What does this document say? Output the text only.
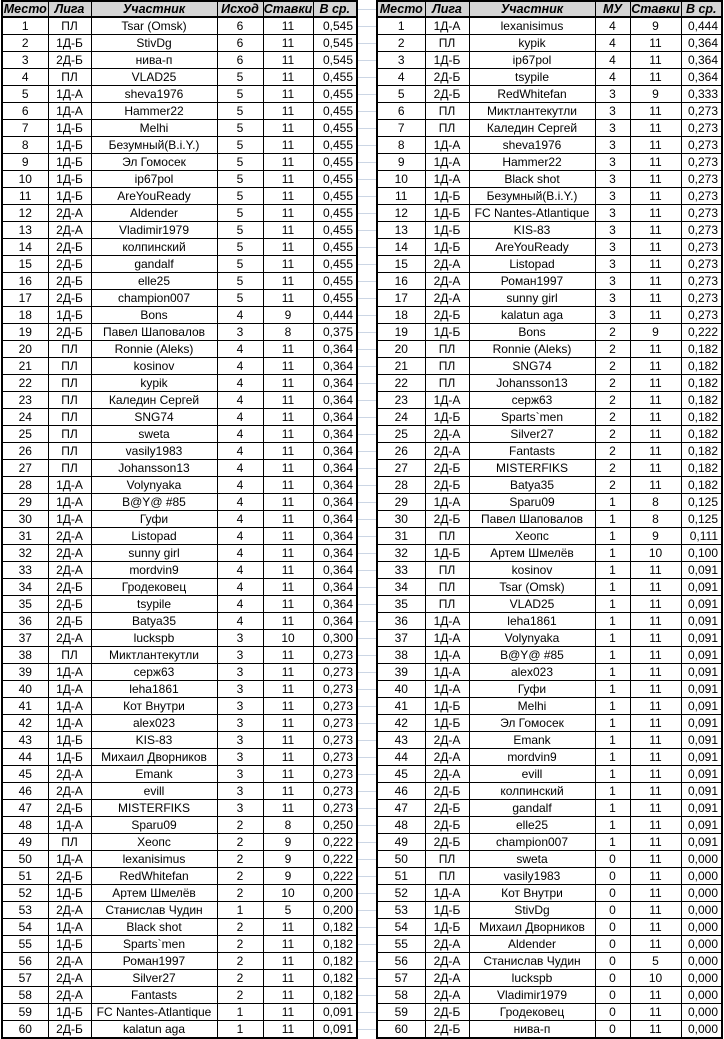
Место	Лига	Участник	Исход	Ставки	В ср.
1	ПЛ	Tsar (Omsk)	6	11	0,545
2	1Д-Б	StivDg	6	11	0,545
3	2Д-Б	нива-п	6	11	0,545
4	ПЛ	VLAD25	5	11	0,455
5	1Д-А	sheva1976	5	11	0,455
6	1Д-А	Hammer22	5	11	0,455
7	1Д-Б	Melhi	5	11	0,455
8	1Д-Б	Безумный(B.i.Y.)	5	11	0,455
9	1Д-Б	Эл Гомосек	5	11	0,455
10	1Д-Б	ip67pol	5	11	0,455
11	1Д-Б	AreYouReady	5	11	0,455
12	2Д-А	Aldender	5	11	0,455
13	2Д-А	Vladimir1979	5	11	0,455
14	2Д-Б	колпинский	5	11	0,455
15	2Д-Б	gandalf	5	11	0,455
16	2Д-Б	elle25	5	11	0,455
17	2Д-Б	champion007	5	11	0,455
18	1Д-Б	Bons	4	9	0,444
19	2Д-Б	Павел Шаповалов	3	8	0,375
20	ПЛ	Ronnie (Aleks)	4	11	0,364
21	ПЛ	kosinov	4	11	0,364
22	ПЛ	kypik	4	11	0,364
23	ПЛ	Каледин Сергей	4	11	0,364
24	ПЛ	SNG74	4	11	0,364
25	ПЛ	sweta	4	11	0,364
26	ПЛ	vasily1983	4	11	0,364
27	ПЛ	Johansson13	4	11	0,364
28	1Д-А	Volynyaka	4	11	0,364
29	1Д-А	B@Y@ #85	4	11	0,364
30	1Д-А	Гуфи	4	11	0,364
31	2Д-А	Listopad	4	11	0,364
32	2Д-А	sunny girl	4	11	0,364
33	2Д-А	mordvin9	4	11	0,364
34	2Д-Б	Гродековец	4	11	0,364
35	2Д-Б	tsypile	4	11	0,364
36	2Д-Б	Batya35	4	11	0,364
37	2Д-А	luckspb	3	10	0,300
38	ПЛ	Миктлантекутли	3	11	0,273
39	1Д-А	серж63	3	11	0,273
40	1Д-А	leha1861	3	11	0,273
41	1Д-А	Кот Внутри	3	11	0,273
42	1Д-А	alex023	3	11	0,273
43	1Д-Б	KIS-83	3	11	0,273
44	1Д-Б	Михаил Дворников	3	11	0,273
45	2Д-А	Emank	3	11	0,273
46	2Д-А	evill	3	11	0,273
47	2Д-Б	MISTERFIKS	3	11	0,273
48	1Д-А	Sparu09	2	8	0,250
49	ПЛ	Хеопс	2	9	0,222
50	1Д-А	lexanisimus	2	9	0,222
51	2Д-Б	RedWhitefan	2	9	0,222
52	1Д-Б	Артем Шмелёв	2	10	0,200
53	2Д-А	Станислав Чудин	1	5	0,200
54	1Д-А	Black shot	2	11	0,182
55	1Д-Б	Sparts`men	2	11	0,182
56	2Д-А	Роман1997	2	11	0,182
57	2Д-А	Silver27	2	11	0,182
58	2Д-А	Fantasts	2	11	0,182
59	1Д-Б	FC Nantes-Atlantique	1	11	0,091
60	2Д-Б	kalatun aga	1	11	0,091
Место	Лига	Участник	МУ	Ставки	В ср.
1	1Д-А	lexanisimus	4	9	0,444
2	ПЛ	kypik	4	11	0,364
3	1Д-Б	ip67pol	4	11	0,364
4	2Д-Б	tsypile	4	11	0,364
5	2Д-Б	RedWhitefan	3	9	0,333
6	ПЛ	Миктлантекутли	3	11	0,273
7	ПЛ	Каледин Сергей	3	11	0,273
8	1Д-А	sheva1976	3	11	0,273
9	1Д-А	Hammer22	3	11	0,273
10	1Д-А	Black shot	3	11	0,273
11	1Д-Б	Безумный(B.i.Y.)	3	11	0,273
12	1Д-Б	FC Nantes-Atlantique	3	11	0,273
13	1Д-Б	KIS-83	3	11	0,273
14	1Д-Б	AreYouReady	3	11	0,273
15	2Д-А	Listopad	3	11	0,273
16	2Д-А	Роман1997	3	11	0,273
17	2Д-А	sunny girl	3	11	0,273
18	2Д-Б	kalatun aga	3	11	0,273
19	1Д-Б	Bons	2	9	0,222
20	ПЛ	Ronnie (Aleks)	2	11	0,182
21	ПЛ	SNG74	2	11	0,182
22	ПЛ	Johansson13	2	11	0,182
23	1Д-А	серж63	2	11	0,182
24	1Д-Б	Sparts`men	2	11	0,182
25	2Д-А	Silver27	2	11	0,182
26	2Д-А	Fantasts	2	11	0,182
27	2Д-Б	MISTERFIKS	2	11	0,182
28	2Д-Б	Batya35	2	11	0,182
29	1Д-А	Sparu09	1	8	0,125
30	2Д-Б	Павел Шаповалов	1	8	0,125
31	ПЛ	Хеопс	1	9	0,111
32	1Д-Б	Артем Шмелёв	1	10	0,100
33	ПЛ	kosinov	1	11	0,091
34	ПЛ	Tsar (Omsk)	1	11	0,091
35	ПЛ	VLAD25	1	11	0,091
36	1Д-А	leha1861	1	11	0,091
37	1Д-А	Volynyaka	1	11	0,091
38	1Д-А	B@Y@ #85	1	11	0,091
39	1Д-А	alex023	1	11	0,091
40	1Д-А	Гуфи	1	11	0,091
41	1Д-Б	Melhi	1	11	0,091
42	1Д-Б	Эл Гомосек	1	11	0,091
43	2Д-А	Emank	1	11	0,091
44	2Д-А	mordvin9	1	11	0,091
45	2Д-А	evill	1	11	0,091
46	2Д-Б	колпинский	1	11	0,091
47	2Д-Б	gandalf	1	11	0,091
48	2Д-Б	elle25	1	11	0,091
49	2Д-Б	champion007	1	11	0,091
50	ПЛ	sweta	0	11	0,000
51	ПЛ	vasily1983	0	11	0,000
52	1Д-А	Кот Внутри	0	11	0,000
53	1Д-Б	StivDg	0	11	0,000
54	1Д-Б	Михаил Дворников	0	11	0,000
55	2Д-А	Aldender	0	11	0,000
56	2Д-А	Станислав Чудин	0	5	0,000
57	2Д-А	luckspb	0	10	0,000
58	2Д-А	Vladimir1979	0	11	0,000
59	2Д-Б	Гродековец	0	11	0,000
60	2Д-Б	нива-п	0	11	0,000
